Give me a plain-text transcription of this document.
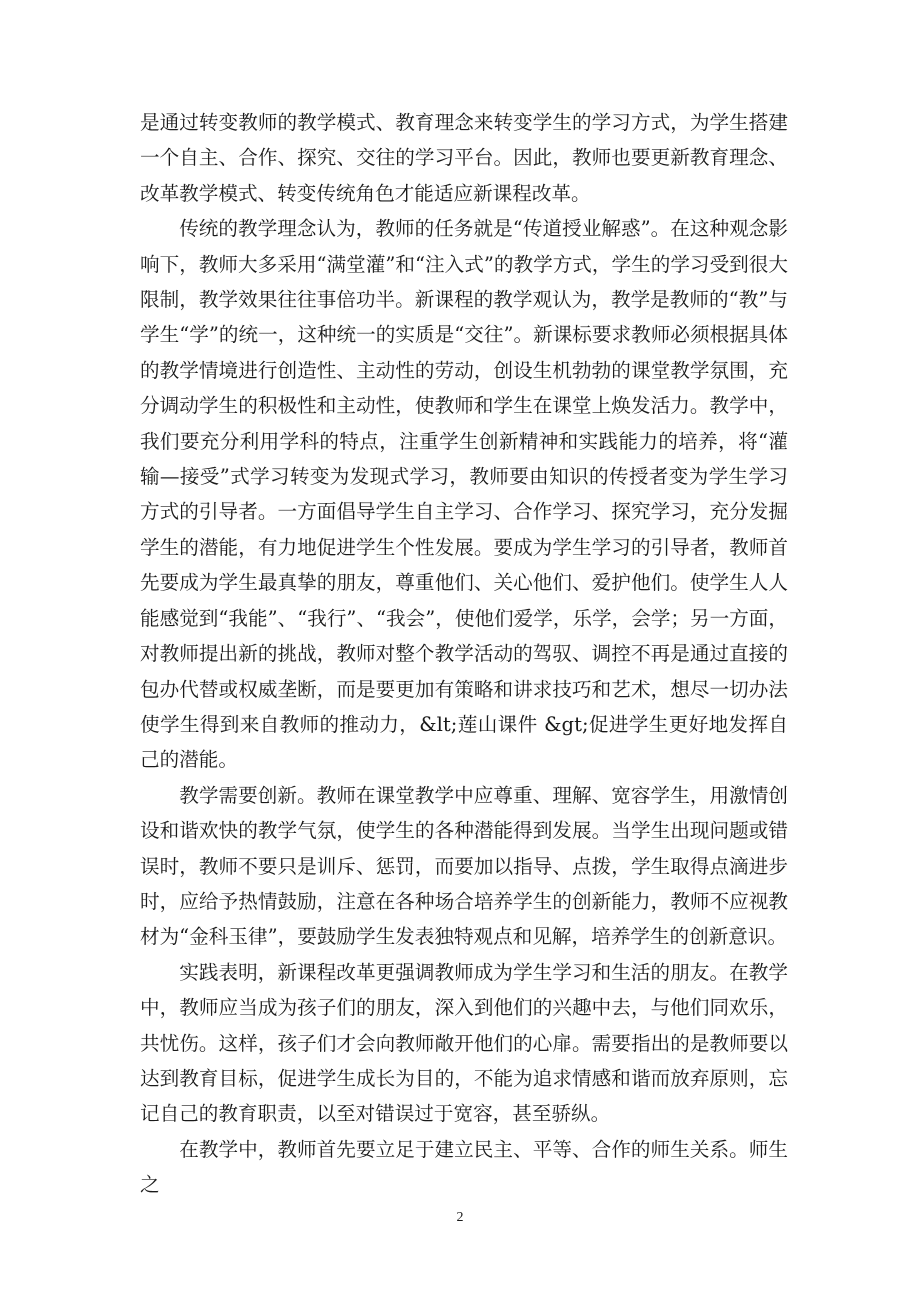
是通过转变教师的教学模式、教育理念来转变学生的学习方式，为学生搭建一个自主、合作、探究、交往的学习平台。因此，教师也要更新教育理念、改革教学模式、转变传统角色才能适应新课程改革。

传统的教学理念认为，教师的任务就是“传道授业解惑”。在这种观念影响下，教师大多采用“满堂灌”和“注入式”的教学方式，学生的学习受到很大限制，教学效果往往事倍功半。新课程的教学观认为，教学是教师的“教”与学生“学”的统一，这种统一的实质是“交往”。新课标要求教师必须根据具体的教学情境进行创造性、主动性的劳动，创设生机勃勃的课堂教学氛围，充分调动学生的积极性和主动性，使教师和学生在课堂上焕发活力。教学中，我们要充分利用学科的特点，注重学生创新精神和实践能力的培养，将“灌输—接受”式学习转变为发现式学习，教师要由知识的传授者变为学生学习方式的引导者。一方面倡导学生自主学习、合作学习、探究学习，充分发掘学生的潜能，有力地促进学生个性发展。要成为学生学习的引导者，教师首先要成为学生最真挚的朋友，尊重他们、关心他们、爱护他们。使学生人人能感觉到“我能”、“我行”、“我会”，使他们爱学，乐学，会学；另一方面，对教师提出新的挑战，教师对整个教学活动的驾驭、调控不再是通过直接的包办代替或权威垄断，而是要更加有策略和讲求技巧和艺术，想尽一切办法使学生得到来自教师的推动力，&lt;莲山课件 &gt;促进学生更好地发挥自己的潜能。

教学需要创新。教师在课堂教学中应尊重、理解、宽容学生，用激情创设和谐欢快的教学气氛，使学生的各种潜能得到发展。当学生出现问题或错误时，教师不要只是训斥、惩罚，而要加以指导、点拨，学生取得点滴进步时，应给予热情鼓励，注意在各种场合培养学生的创新能力，教师不应视教材为“金科玉律”，要鼓励学生发表独特观点和见解，培养学生的创新意识。

实践表明，新课程改革更强调教师成为学生学习和生活的朋友。在教学中，教师应当成为孩子们的朋友，深入到他们的兴趣中去，与他们同欢乐，共忧伤。这样，孩子们才会向教师敞开他们的心扉。需要指出的是教师要以达到教育目标，促进学生成长为目的，不能为追求情感和谐而放弃原则，忘记自己的教育职责，以至对错误过于宽容，甚至骄纵。

在教学中，教师首先要立足于建立民主、平等、合作的师生关系。师生之

2
